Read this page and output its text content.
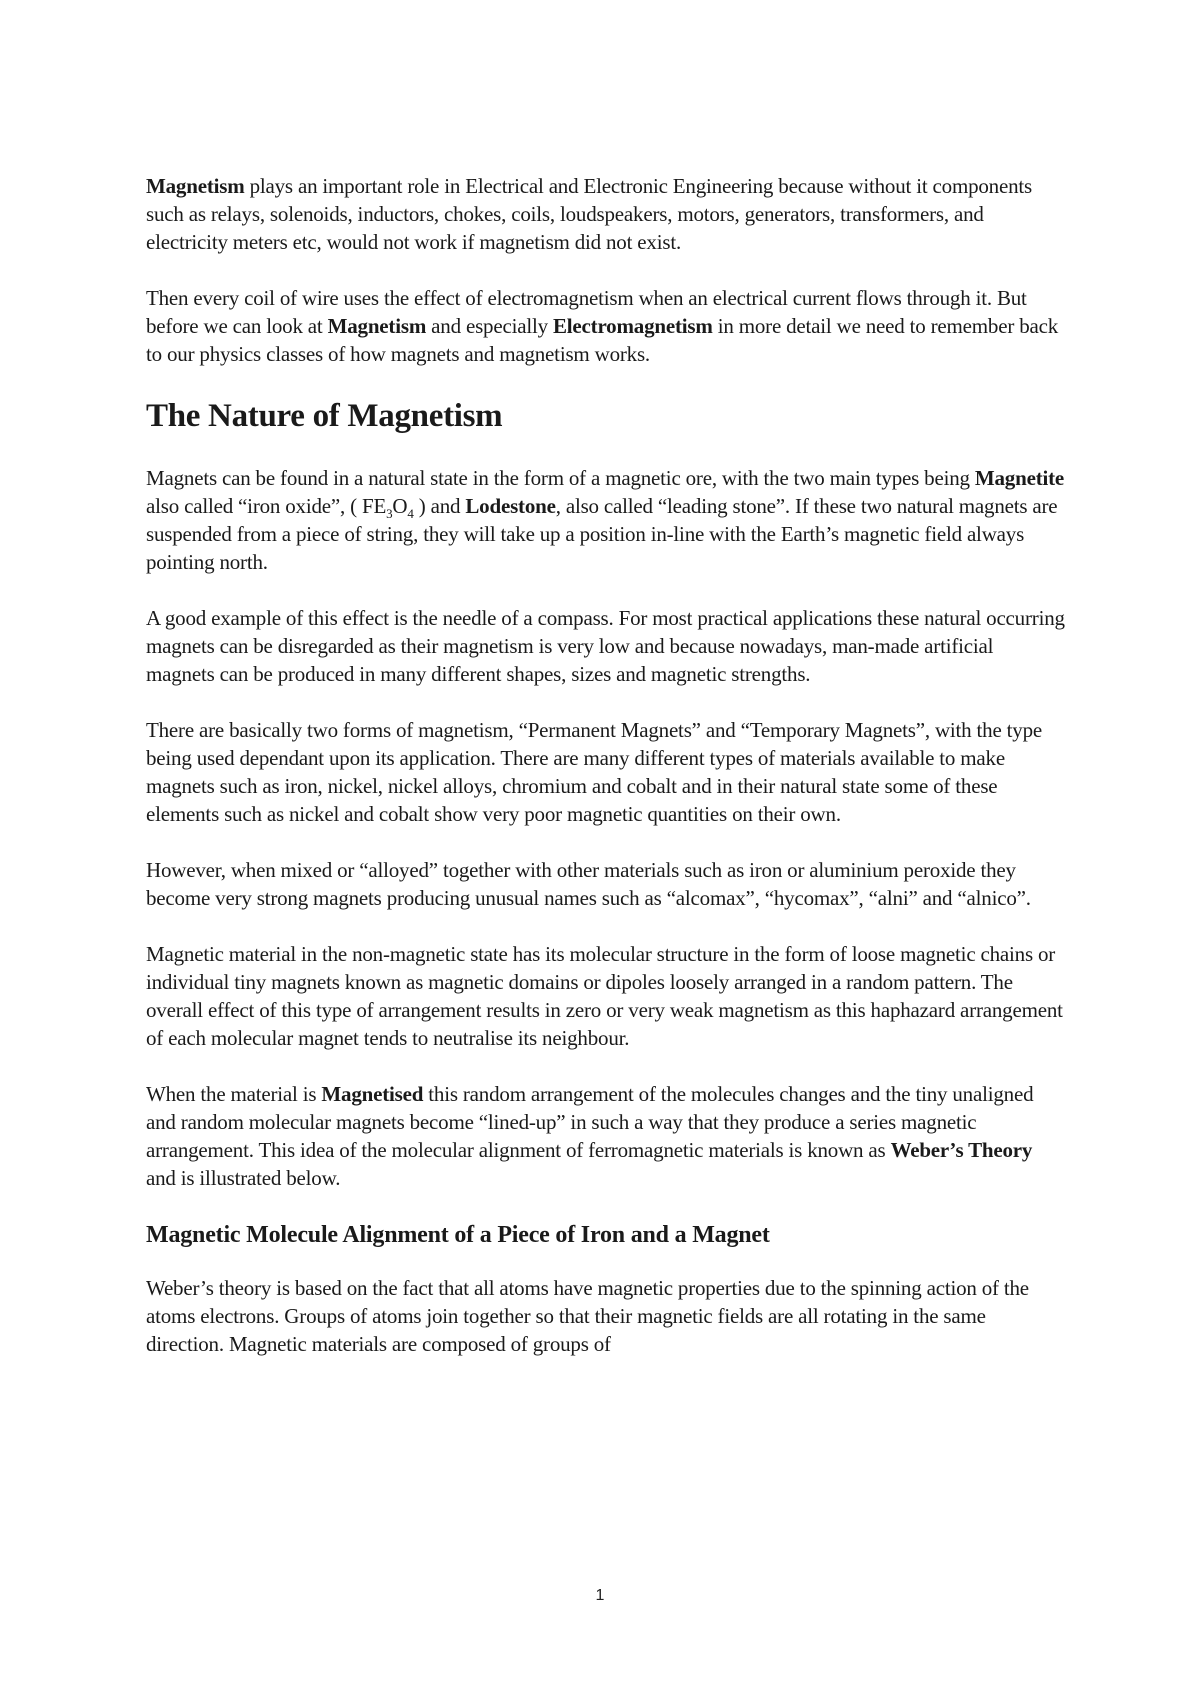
Magnetism plays an important role in Electrical and Electronic Engineering because without it components such as relays, solenoids, inductors, chokes, coils, loudspeakers, motors, generators, transformers, and electricity meters etc, would not work if magnetism did not exist.

Then every coil of wire uses the effect of electromagnetism when an electrical current flows through it. But before we can look at Magnetism and especially Electromagnetism in more detail we need to remember back to our physics classes of how magnets and magnetism works.

The Nature of Magnetism

Magnets can be found in a natural state in the form of a magnetic ore, with the two main types being Magnetite also called “iron oxide”, ( $FE_3O_4$ ) and Lodestone, also called “leading stone”. If these two natural magnets are suspended from a piece of string, they will take up a position in-line with the Earth’s magnetic field always pointing north.

A good example of this effect is the needle of a compass. For most practical applications these natural occurring magnets can be disregarded as their magnetism is very low and because nowadays, man-made artificial magnets can be produced in many different shapes, sizes and magnetic strengths.

There are basically two forms of magnetism, “Permanent Magnets” and “Temporary Magnets”, with the type being used dependant upon its application. There are many different types of materials available to make magnets such as iron, nickel, nickel alloys, chromium and cobalt and in their natural state some of these elements such as nickel and cobalt show very poor magnetic quantities on their own.

However, when mixed or “alloyed” together with other materials such as iron or aluminium peroxide they become very strong magnets producing unusual names such as “alcomax”, “hycomax”, “alni” and “alnico”.

Magnetic material in the non-magnetic state has its molecular structure in the form of loose magnetic chains or individual tiny magnets known as magnetic domains or dipoles loosely arranged in a random pattern. The overall effect of this type of arrangement results in zero or very weak magnetism as this haphazard arrangement of each molecular magnet tends to neutralise its neighbour.

When the material is Magnetised this random arrangement of the molecules changes and the tiny unaligned and random molecular magnets become “lined-up” in such a way that they produce a series magnetic arrangement. This idea of the molecular alignment of ferromagnetic materials is known as Weber’s Theory and is illustrated below.

Magnetic Molecule Alignment of a Piece of Iron and a Magnet

Weber’s theory is based on the fact that all atoms have magnetic properties due to the spinning action of the atoms electrons. Groups of atoms join together so that their magnetic fields are all rotating in the same direction. Magnetic materials are composed of groups of

1
